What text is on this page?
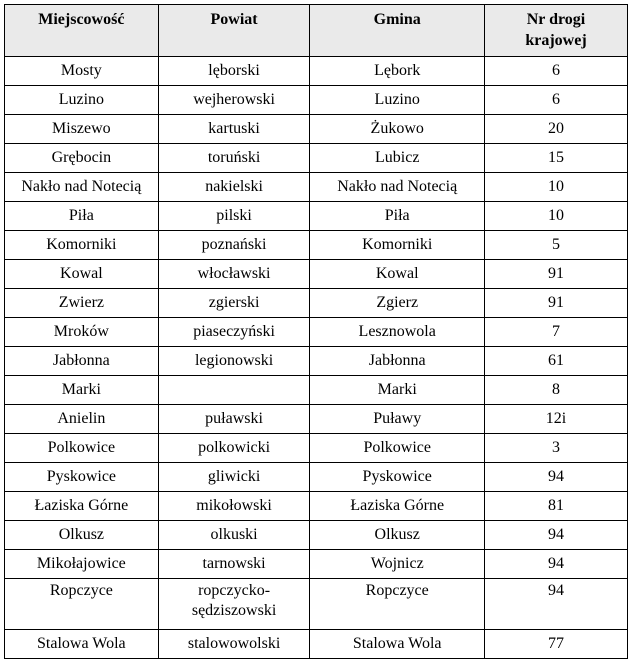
Miejscowość	Powiat	Gmina	Nr drogi krajowej
Mosty	lęborski	Lębork	6
Luzino	wejherowski	Luzino	6
Miszewo	kartuski	Żukowo	20
Grębocin	toruński	Lubicz	15
Nakło nad Notecią	nakielski	Nakło nad Notecią	10
Piła	pilski	Piła	10
Komorniki	poznański	Komorniki	5
Kowal	włocławski	Kowal	91
Zwierz	zgierski	Zgierz	91
Mroków	piaseczyński	Lesznowola	7
Jabłonna	legionowski	Jabłonna	61
Marki		Marki	8
Anielin	puławski	Puławy	12i
Polkowice	polkowicki	Polkowice	3
Pyskowice	gliwicki	Pyskowice	94
Łaziska Górne	mikołowski	Łaziska Górne	81
Olkusz	olkuski	Olkusz	94
Mikołajowice	tarnowski	Wojnicz	94
Ropczyce	ropczycko-sędziszowski	Ropczyce	94
Stalowa Wola	stalowowolski	Stalowa Wola	77
